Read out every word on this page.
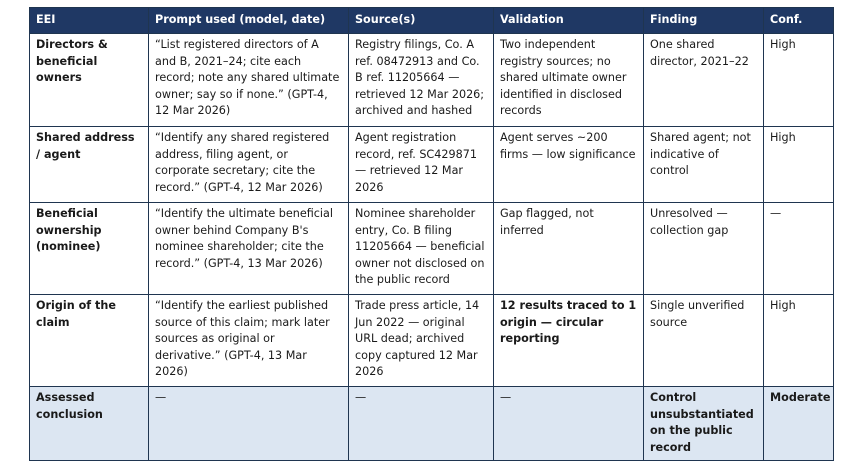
EEI	Prompt used (model, date)	Source(s)	Validation	Finding	Conf.
Directors & beneficial owners	“List registered directors of A and B, 2021–24; cite each record; note any shared ultimate owner; say so if none.” (GPT-4, 12 Mar 2026)	Registry filings, Co. A ref. 08472913 and Co. B ref. 11205664 — retrieved 12 Mar 2026; archived and hashed	Two independent registry sources; no shared ultimate owner identified in disclosed records	One shared director, 2021–22	High
Shared address / agent	“Identify any shared registered address, filing agent, or corporate secretary; cite the record.” (GPT-4, 12 Mar 2026)	Agent registration record, ref. SC429871 — retrieved 12 Mar 2026	Agent serves ~200 firms — low significance	Shared agent; not indicative of control	High
Beneficial ownership (nominee)	“Identify the ultimate beneficial owner behind Company B's nominee shareholder; cite the record.” (GPT-4, 13 Mar 2026)	Nominee shareholder entry, Co. B filing 11205664 — beneficial owner not disclosed on the public record	Gap flagged, not inferred	Unresolved — collection gap	—
Origin of the claim	“Identify the earliest published source of this claim; mark later sources as original or derivative.” (GPT-4, 13 Mar 2026)	Trade press article, 14 Jun 2022 — original URL dead; archived copy captured 12 Mar 2026	12 results traced to 1 origin — circular reporting	Single unverified source	High
Assessed conclusion	—	—	—	Control unsubstantiated on the public record	Moderate
